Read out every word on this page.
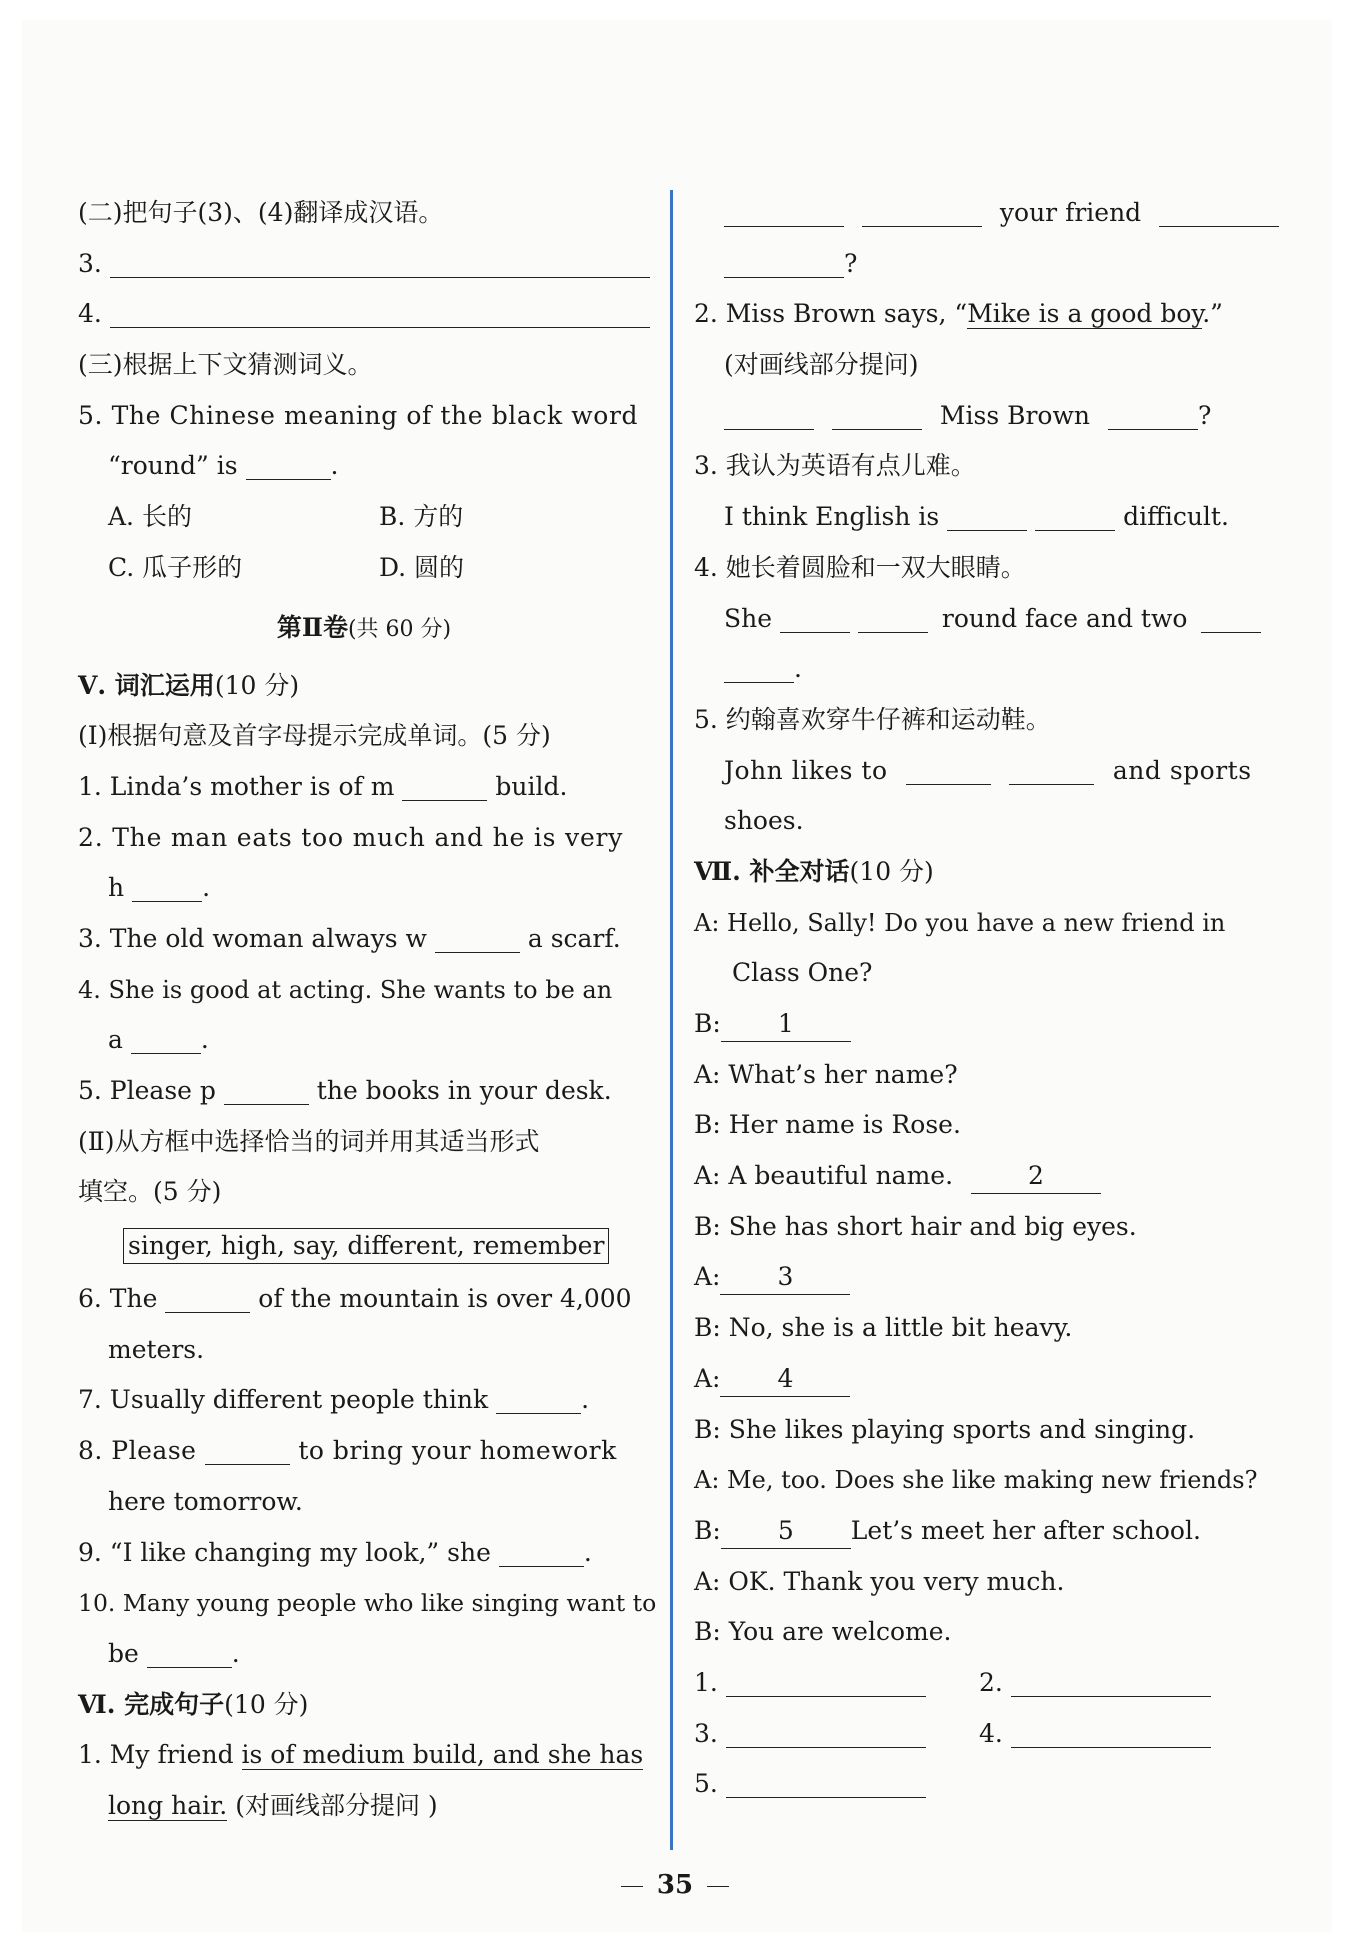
(二)把句子(3)、(4)翻译成汉语。
3.
4.
(三)根据上下文猜测词义。
5. The Chinese meaning of the black word
“round” is	.
A. 长的	B. 方的
C. 瓜子形的	D. 圆的
第Ⅱ卷(共 60 分)
Ⅴ. 词汇运用(10 分)
(Ⅰ)根据句意及首字母提示完成单词。(5 分)
1. Linda’s mother is of m	build.
2. The man eats too much and he is very
h	.
3. The old woman always w	a scarf.
4. She is good at acting. She wants to be an
a	.
5. Please p	the books in your desk.
(Ⅱ)从方框中选择恰当的词并用其适当形式
填空。(5 分)
singer, high, say, different, remember
6. The	of the mountain is over 4,000
meters.
7. Usually different people think	.
8. Please	to bring your homework
here tomorrow.
9. “I like changing my look,” she	.
10. Many young people who like singing want to
be	.
Ⅵ. 完成句子(10 分)
1. My friend is of medium build, and she has
long hair. (对画线部分提问 )
your friend
?
2. Miss Brown says, “Mike is a good boy.”
(对画线部分提问)
Miss Brown	?
3. 我认为英语有点儿难。
I think English is	difficult.
4. 她长着圆脸和一双大眼睛。
She	round face and two
.
5. 约翰喜欢穿牛仔裤和运动鞋。
John likes to	and sports
shoes.
Ⅶ. 补全对话(10 分)
A: Hello, Sally! Do you have a new friend in
Class One?
B: 1
A: What’s her name?
B: Her name is Rose.
A: A beautiful name.	2
B: She has short hair and big eyes.
A: 3
B: No, she is a little bit heavy.
A: 4
B: She likes playing sports and singing.
A: Me, too. Does she like making new friends?
B: 5 Let’s meet her after school.
A: OK. Thank you very much.
B: You are welcome.
1.	2.
3.	4.
5.
35
